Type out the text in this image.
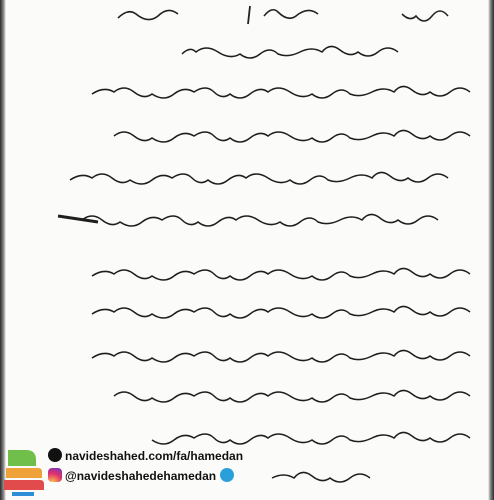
navideshahed.com/fa/hamedan
@navideshahedehamedan
